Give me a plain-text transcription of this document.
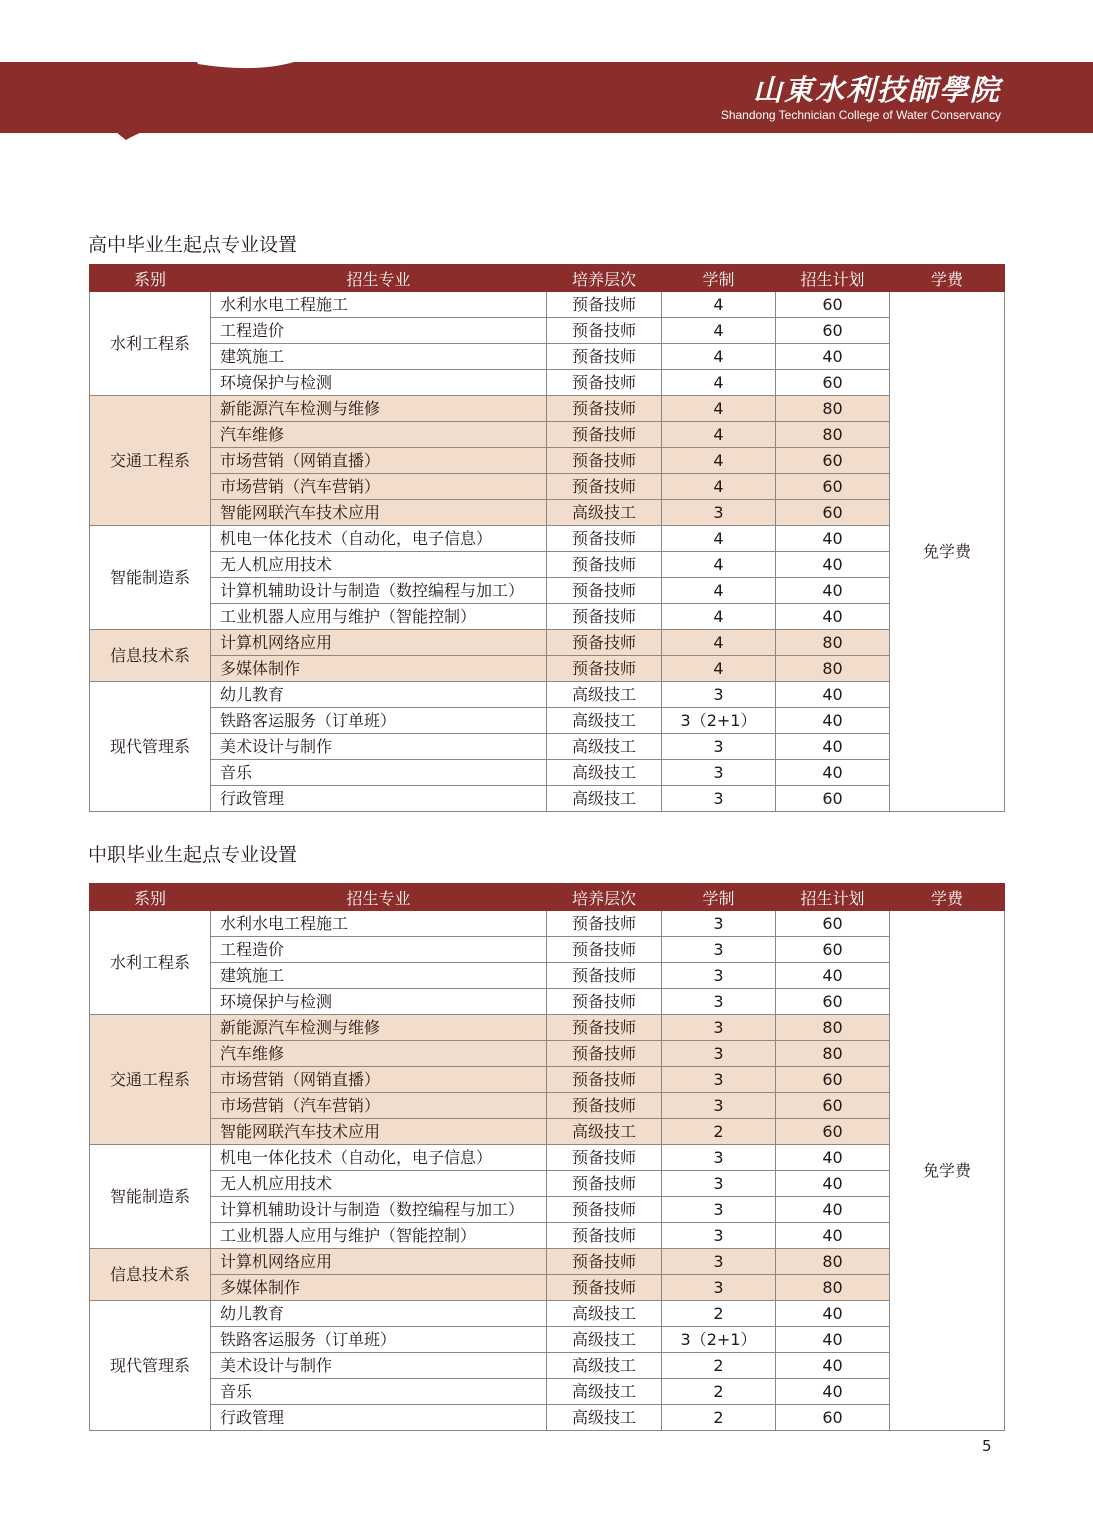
山東水利技師學院
Shandong Technician College of Water Conservancy
高中毕业生起点专业设置
系别	招生专业	培养层次	学制	招生计划	学费
水利工程系	水利水电工程施工	预备技师	4	60	免学费
	工程造价	预备技师	4	60	
	建筑施工	预备技师	4	40	
	环境保护与检测	预备技师	4	60	
交通工程系	新能源汽车检测与维修	预备技师	4	80	
	汽车维修	预备技师	4	80	
	市场营销（网销直播）	预备技师	4	60	
	市场营销（汽车营销）	预备技师	4	60	
	智能网联汽车技术应用	高级技工	3	60	
智能制造系	机电一体化技术（自动化，电子信息）	预备技师	4	40	
	无人机应用技术	预备技师	4	40	
	计算机辅助设计与制造（数控编程与加工）	预备技师	4	40	
	工业机器人应用与维护（智能控制）	预备技师	4	40	
信息技术系	计算机网络应用	预备技师	4	80	
	多媒体制作	预备技师	4	80	
现代管理系	幼儿教育	高级技工	3	40	
	铁路客运服务（订单班）	高级技工	3（2+1）	40	
	美术设计与制作	高级技工	3	40	
	音乐	高级技工	3	40	
	行政管理	高级技工	3	60	
中职毕业生起点专业设置
系别	招生专业	培养层次	学制	招生计划	学费
水利工程系	水利水电工程施工	预备技师	3	60	免学费
	工程造价	预备技师	3	60	
	建筑施工	预备技师	3	40	
	环境保护与检测	预备技师	3	60	
交通工程系	新能源汽车检测与维修	预备技师	3	80	
	汽车维修	预备技师	3	80	
	市场营销（网销直播）	预备技师	3	60	
	市场营销（汽车营销）	预备技师	3	60	
	智能网联汽车技术应用	高级技工	2	60	
智能制造系	机电一体化技术（自动化，电子信息）	预备技师	3	40	
	无人机应用技术	预备技师	3	40	
	计算机辅助设计与制造（数控编程与加工）	预备技师	3	40	
	工业机器人应用与维护（智能控制）	预备技师	3	40	
信息技术系	计算机网络应用	预备技师	3	80	
	多媒体制作	预备技师	3	80	
现代管理系	幼儿教育	高级技工	2	40	
	铁路客运服务（订单班）	高级技工	3（2+1）	40	
	美术设计与制作	高级技工	2	40	
	音乐	高级技工	2	40	
	行政管理	高级技工	2	60	
5
